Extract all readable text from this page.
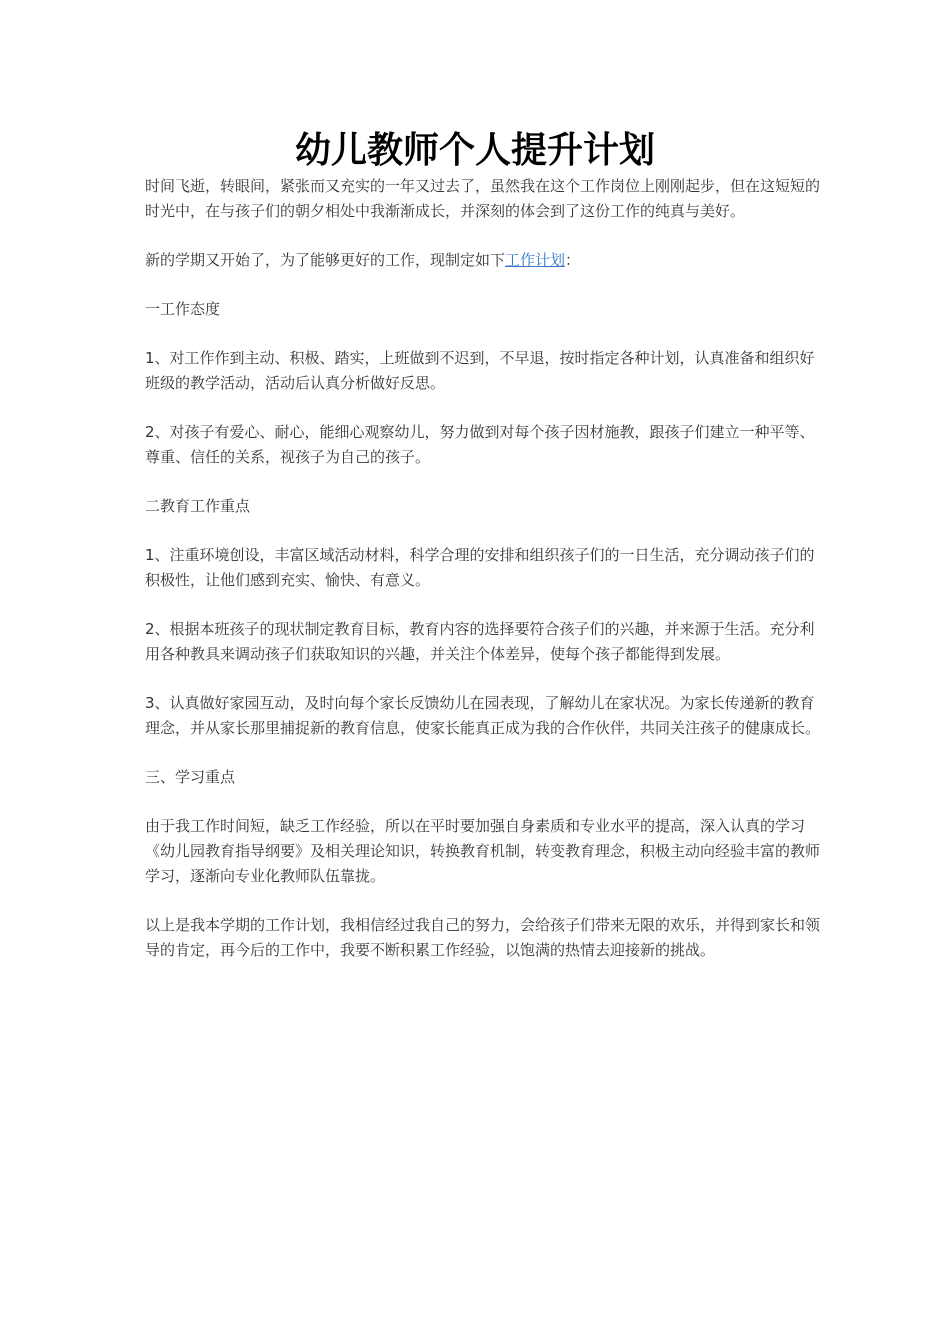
幼儿教师个人提升计划

时间飞逝，转眼间，紧张而又充实的一年又过去了，虽然我在这个工作岗位上刚刚起步，但在这短短的时光中，在与孩子们的朝夕相处中我渐渐成长，并深刻的体会到了这份工作的纯真与美好。

新的学期又开始了，为了能够更好的工作，现制定如下工作计划：

一工作态度

1、对工作作到主动、积极、踏实，上班做到不迟到，不早退，按时指定各种计划，认真准备和组织好班级的教学活动，活动后认真分析做好反思。

2、对孩子有爱心、耐心，能细心观察幼儿，努力做到对每个孩子因材施教，跟孩子们建立一种平等、尊重、信任的关系，视孩子为自己的孩子。

二教育工作重点

1、注重环境创设，丰富区域活动材料，科学合理的安排和组织孩子们的一日生活，充分调动孩子们的积极性，让他们感到充实、愉快、有意义。

2、根据本班孩子的现状制定教育目标，教育内容的选择要符合孩子们的兴趣，并来源于生活。充分利用各种教具来调动孩子们获取知识的兴趣，并关注个体差异，使每个孩子都能得到发展。

3、认真做好家园互动，及时向每个家长反馈幼儿在园表现，了解幼儿在家状况。为家长传递新的教育理念，并从家长那里捕捉新的教育信息，使家长能真正成为我的合作伙伴，共同关注孩子的健康成长。

三、学习重点

由于我工作时间短，缺乏工作经验，所以在平时要加强自身素质和专业水平的提高，深入认真的学习《幼儿园教育指导纲要》及相关理论知识，转换教育机制，转变教育理念，积极主动向经验丰富的教师学习，逐渐向专业化教师队伍靠拢。

以上是我本学期的工作计划，我相信经过我自己的努力，会给孩子们带来无限的欢乐，并得到家长和领导的肯定，再今后的工作中，我要不断积累工作经验，以饱满的热情去迎接新的挑战。
